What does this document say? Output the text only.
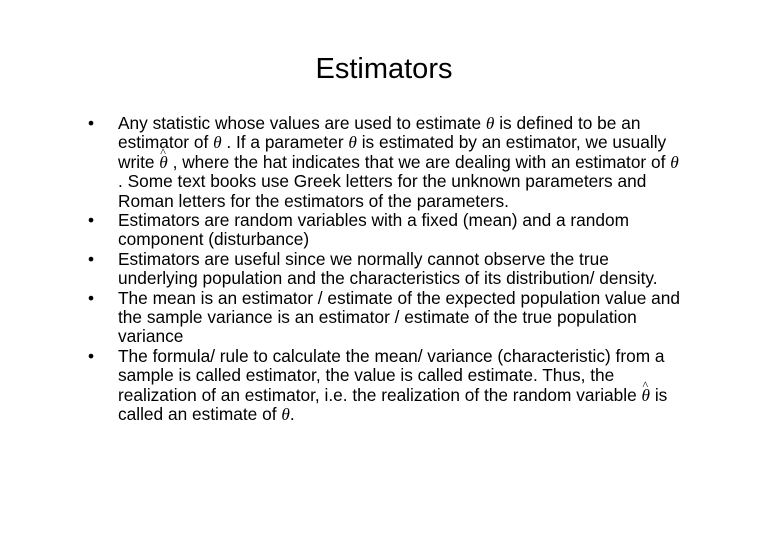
Estimators
•	Any statistic whose values are used to estimate θ is defined to be an estimator of θ . If a parameter θ is estimated by an estimator, we usually write ^ θ , where the hat indicates that we are dealing with an estimator of θ . Some text books use Greek letters for the unknown parameters and Roman letters for the estimators of the parameters.
•	Estimators are random variables with a fixed (mean) and a random component (disturbance)
•	Estimators are useful since we normally cannot observe the true underlying population and the characteristics of its distribution/ density.
•	The mean is an estimator / estimate of the expected population value and the sample variance is an estimator / estimate of the true population variance
•	The formula/ rule to calculate the mean/ variance (characteristic) from a sample is called estimator, the value is called estimate. Thus, the realization of an estimator, i.e. the realization of the random variable ^ θ is called an estimate of θ.
